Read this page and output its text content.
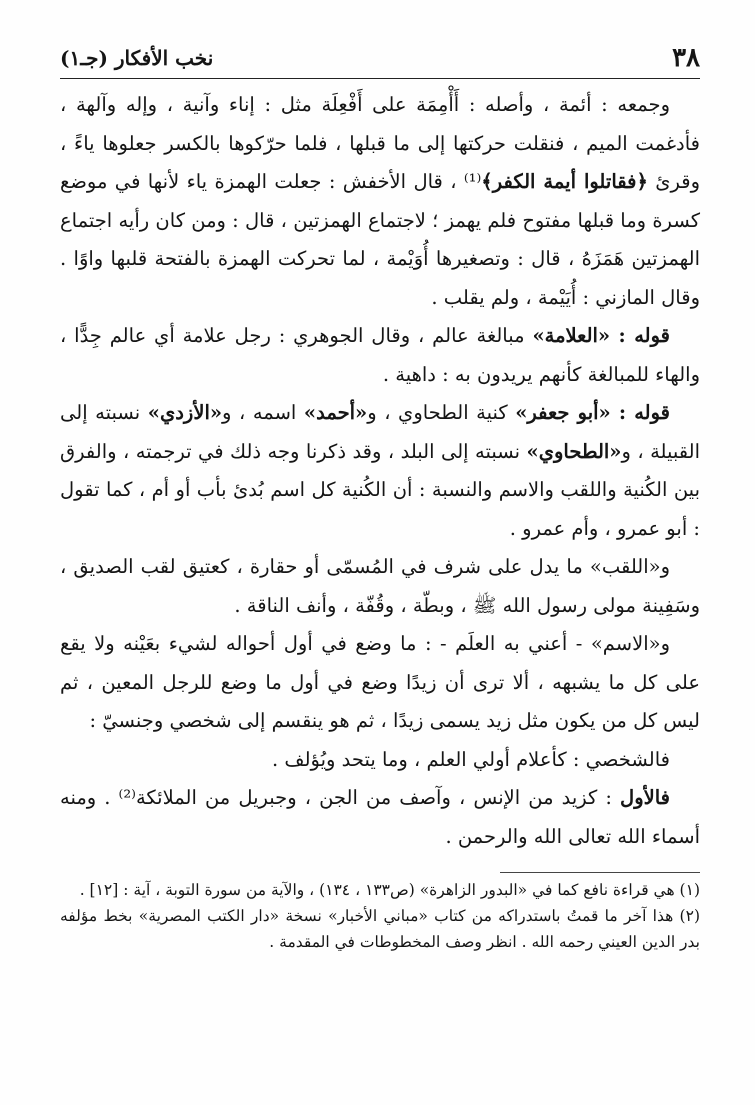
٣٨
نخب الأفكار (جـ١)

وجمعه : أئمة ، وأصله : أَأْمِمَة على أَفْعِلَة مثل : إناء وآنية ، وإله وآلهة ، فأدغمت الميم ، فنقلت حركتها إلى ما قبلها ، فلما حرّكوها بالكسر جعلوها ياءً ، وقرئ ﴿فقاتلوا أيمة الكفر﴾⁽¹⁾ ، قال الأخفش : جعلت الهمزة ياء لأنها في موضع كسرة وما قبلها مفتوح فلم يهمز ؛ لاجتماع الهمزتين ، قال : ومن كان رأيه اجتماع الهمزتين هَمَزَهُ ، قال : وتصغيرها أُوَيْمة ، لما تحركت الهمزة بالفتحة قلبها واوًا . وقال المازني : أُيَيْمة ، ولم يقلب .

قوله : «العلامة» مبالغة عالم ، وقال الجوهري : رجل علامة أي عالم جِدًّا ، والهاء للمبالغة كأنهم يريدون به : داهية .

قوله : «أبو جعفر» كنية الطحاوي ، و«أحمد» اسمه ، و«الأزدي» نسبته إلى القبيلة ، و«الطحاوي» نسبته إلى البلد ، وقد ذكرنا وجه ذلك في ترجمته ، والفرق بين الكُنية واللقب والاسم والنسبة : أن الكُنية كل اسم بُدئ بأب أو أم ، كما تقول : أبو عمرو ، وأم عمرو .

و«اللقب» ما يدل على شرف في المُسمّى أو حقارة ، كعتيق لقب الصديق ، وسَفِينة مولى رسول الله ﷺ ، وبطّة ، وقُفّة ، وأنف الناقة .

و«الاسم» - أعني به العلَم - : ما وضع في أول أحواله لشيء بعَيْنه ولا يقع على كل ما يشبهه ، ألا ترى أن زيدًا وضع في أول ما وضع للرجل المعين ، ثم ليس كل من يكون مثل زيد يسمى زيدًا ، ثم هو ينقسم إلى شخصي وجنسيّ :

فالشخصي : كأعلام أولي العلم ، وما يتحد ويُؤلف .

فالأول : كزيد من الإنس ، وآصف من الجن ، وجبريل من الملائكة⁽²⁾ . ومنه أسماء الله تعالى الله والرحمن .

(١) هي قراءة نافع كما في «البدور الزاهرة» (ص١٣٣ ، ١٣٤) ، والآية من سورة التوبة ، آية : [١٢] .

(٢) هذا آخر ما قمتُ باستدراكه من كتاب «مباني الأخبار» نسخة «دار الكتب المصرية» بخط مؤلفه بدر الدين العيني رحمه الله . انظر وصف المخطوطات في المقدمة .
